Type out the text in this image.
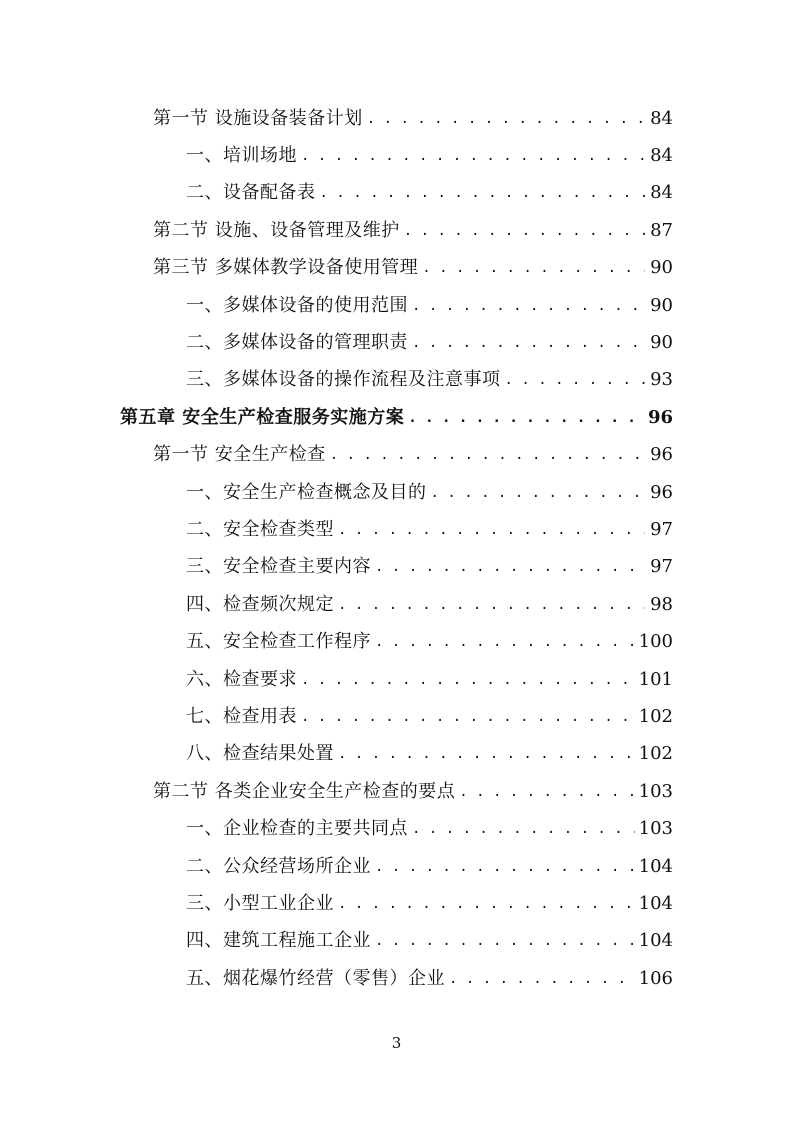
第一节 设施设备装备计划 . . .	84
一、培训场地 . . .	84
二、设备配备表 . . .	84
第二节 设施、设备管理及维护 . . .	87
第三节 多媒体教学设备使用管理 . . .	90
一、多媒体设备的使用范围 . . .	90
二、多媒体设备的管理职责 . . .	90
三、多媒体设备的操作流程及注意事项 . . .	93
第五章 安全生产检查服务实施方案 . . .	96
第一节 安全生产检查 . . .	96
一、安全生产检查概念及目的 . . .	96
二、安全检查类型 . . .	97
三、安全检查主要内容 . . .	97
四、检查频次规定 . . .	98
五、安全检查工作程序 . . .	100
六、检查要求 . . .	101
七、检查用表 . . .	102
八、检查结果处置 . . .	102
第二节 各类企业安全生产检查的要点 . . .	103
一、企业检查的主要共同点 . . .	103
二、公众经营场所企业 . . .	104
三、小型工业企业 . . .	104
四、建筑工程施工企业 . . .	104
五、烟花爆竹经营（零售）企业 . . .	106
3
